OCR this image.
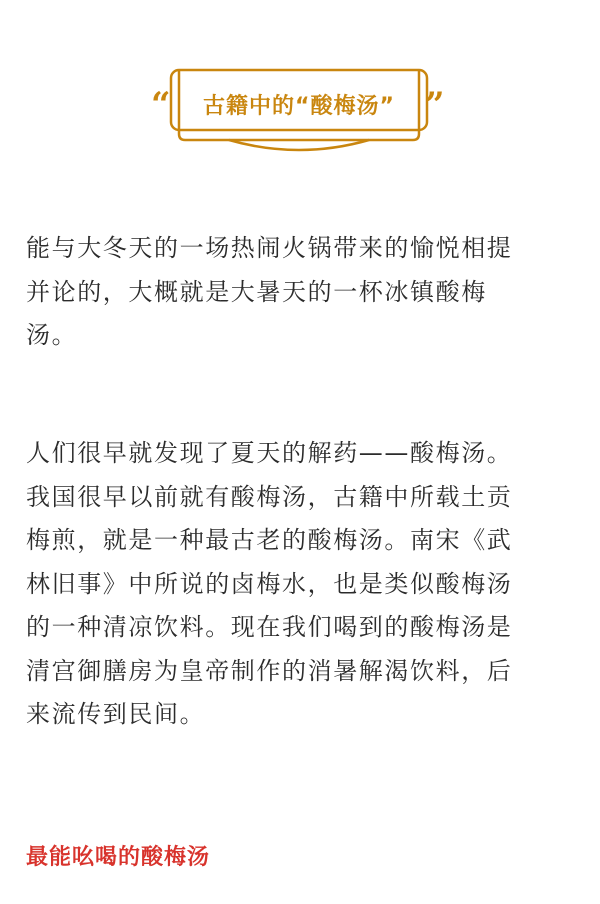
古籍中的“酸梅汤”
“	”

能与大冬天的一场热闹火锅带来的愉悦相提
并论的，大概就是大暑天的一杯冰镇酸梅
汤。

人们很早就发现了夏天的解药——酸梅汤。
我国很早以前就有酸梅汤，古籍中所载土贡
梅煎，就是一种最古老的酸梅汤。南宋《武
林旧事》中所说的卤梅水，也是类似酸梅汤
的一种清凉饮料。现在我们喝到的酸梅汤是
清宫御膳房为皇帝制作的消暑解渴饮料，后
来流传到民间。

最能吆喝的酸梅汤
